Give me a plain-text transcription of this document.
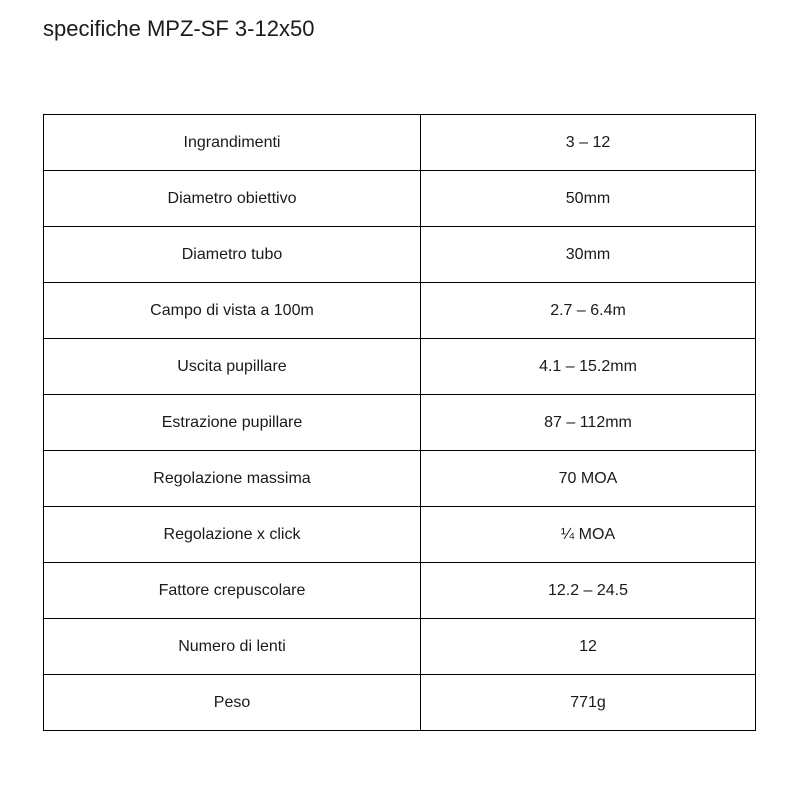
specifiche MPZ-SF 3-12x50
Ingrandimenti	3 – 12
Diametro obiettivo	50mm
Diametro tubo	30mm
Campo di vista a 100m	2.7 – 6.4m
Uscita pupillare	4.1 – 15.2mm
Estrazione pupillare	87 – 112mm
Regolazione massima	70 MOA
Regolazione x click	¼ MOA
Fattore crepuscolare	12.2 – 24.5
Numero di lenti	12
Peso	771g
